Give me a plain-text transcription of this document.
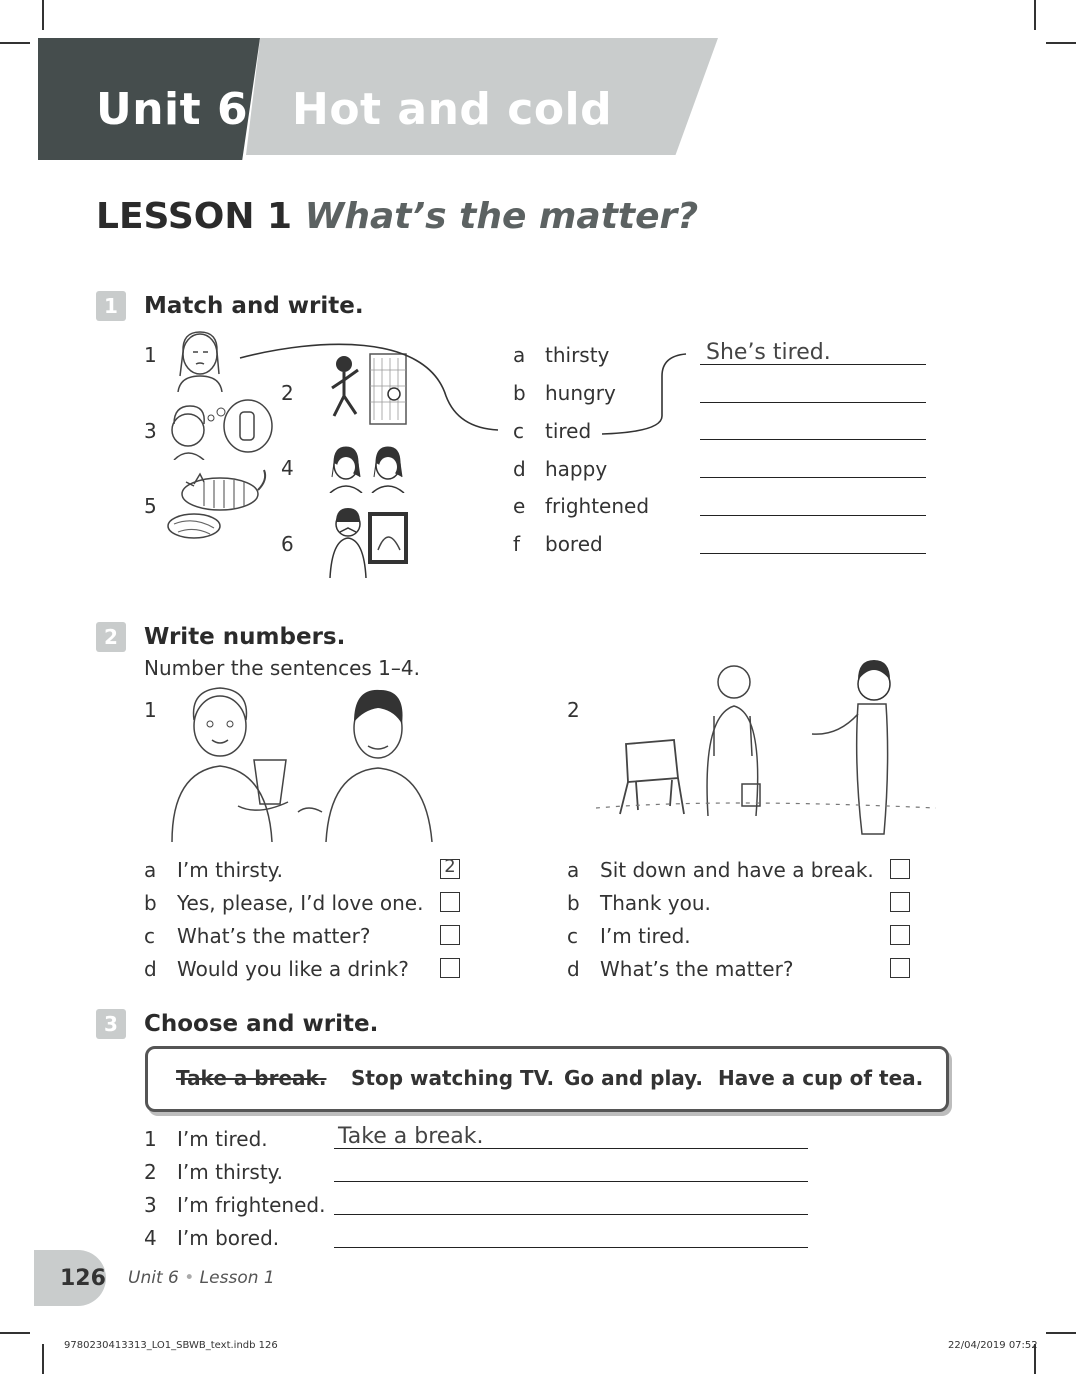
Unit 6 Hot and cold
LESSON 1 What’s the matter?
1	Match and write.
1
2
3
4
5
6
a thirsty
b hungry
c tired
d happy
e frightened
f bored
She’s tired.
2	Write numbers.
Number the sentences 1–4.
1	2
a I’m thirsty.	2
b Yes, please, I’d love one.
c What’s the matter?
d Would you like a drink?
a Sit down and have a break.
b Thank you.
c I’m tired.
d What’s the matter?
3	Choose and write.
Take a break. Stop watching TV. Go and play. Have a cup of tea.
1 I’m tired.	Take a break.
2 I’m thirsty.
3 I’m frightened.
4 I’m bored.
126 Unit 6 • Lesson 1
9780230413313_LO1_SBWB_text.indb 126	22/04/2019 07:52
